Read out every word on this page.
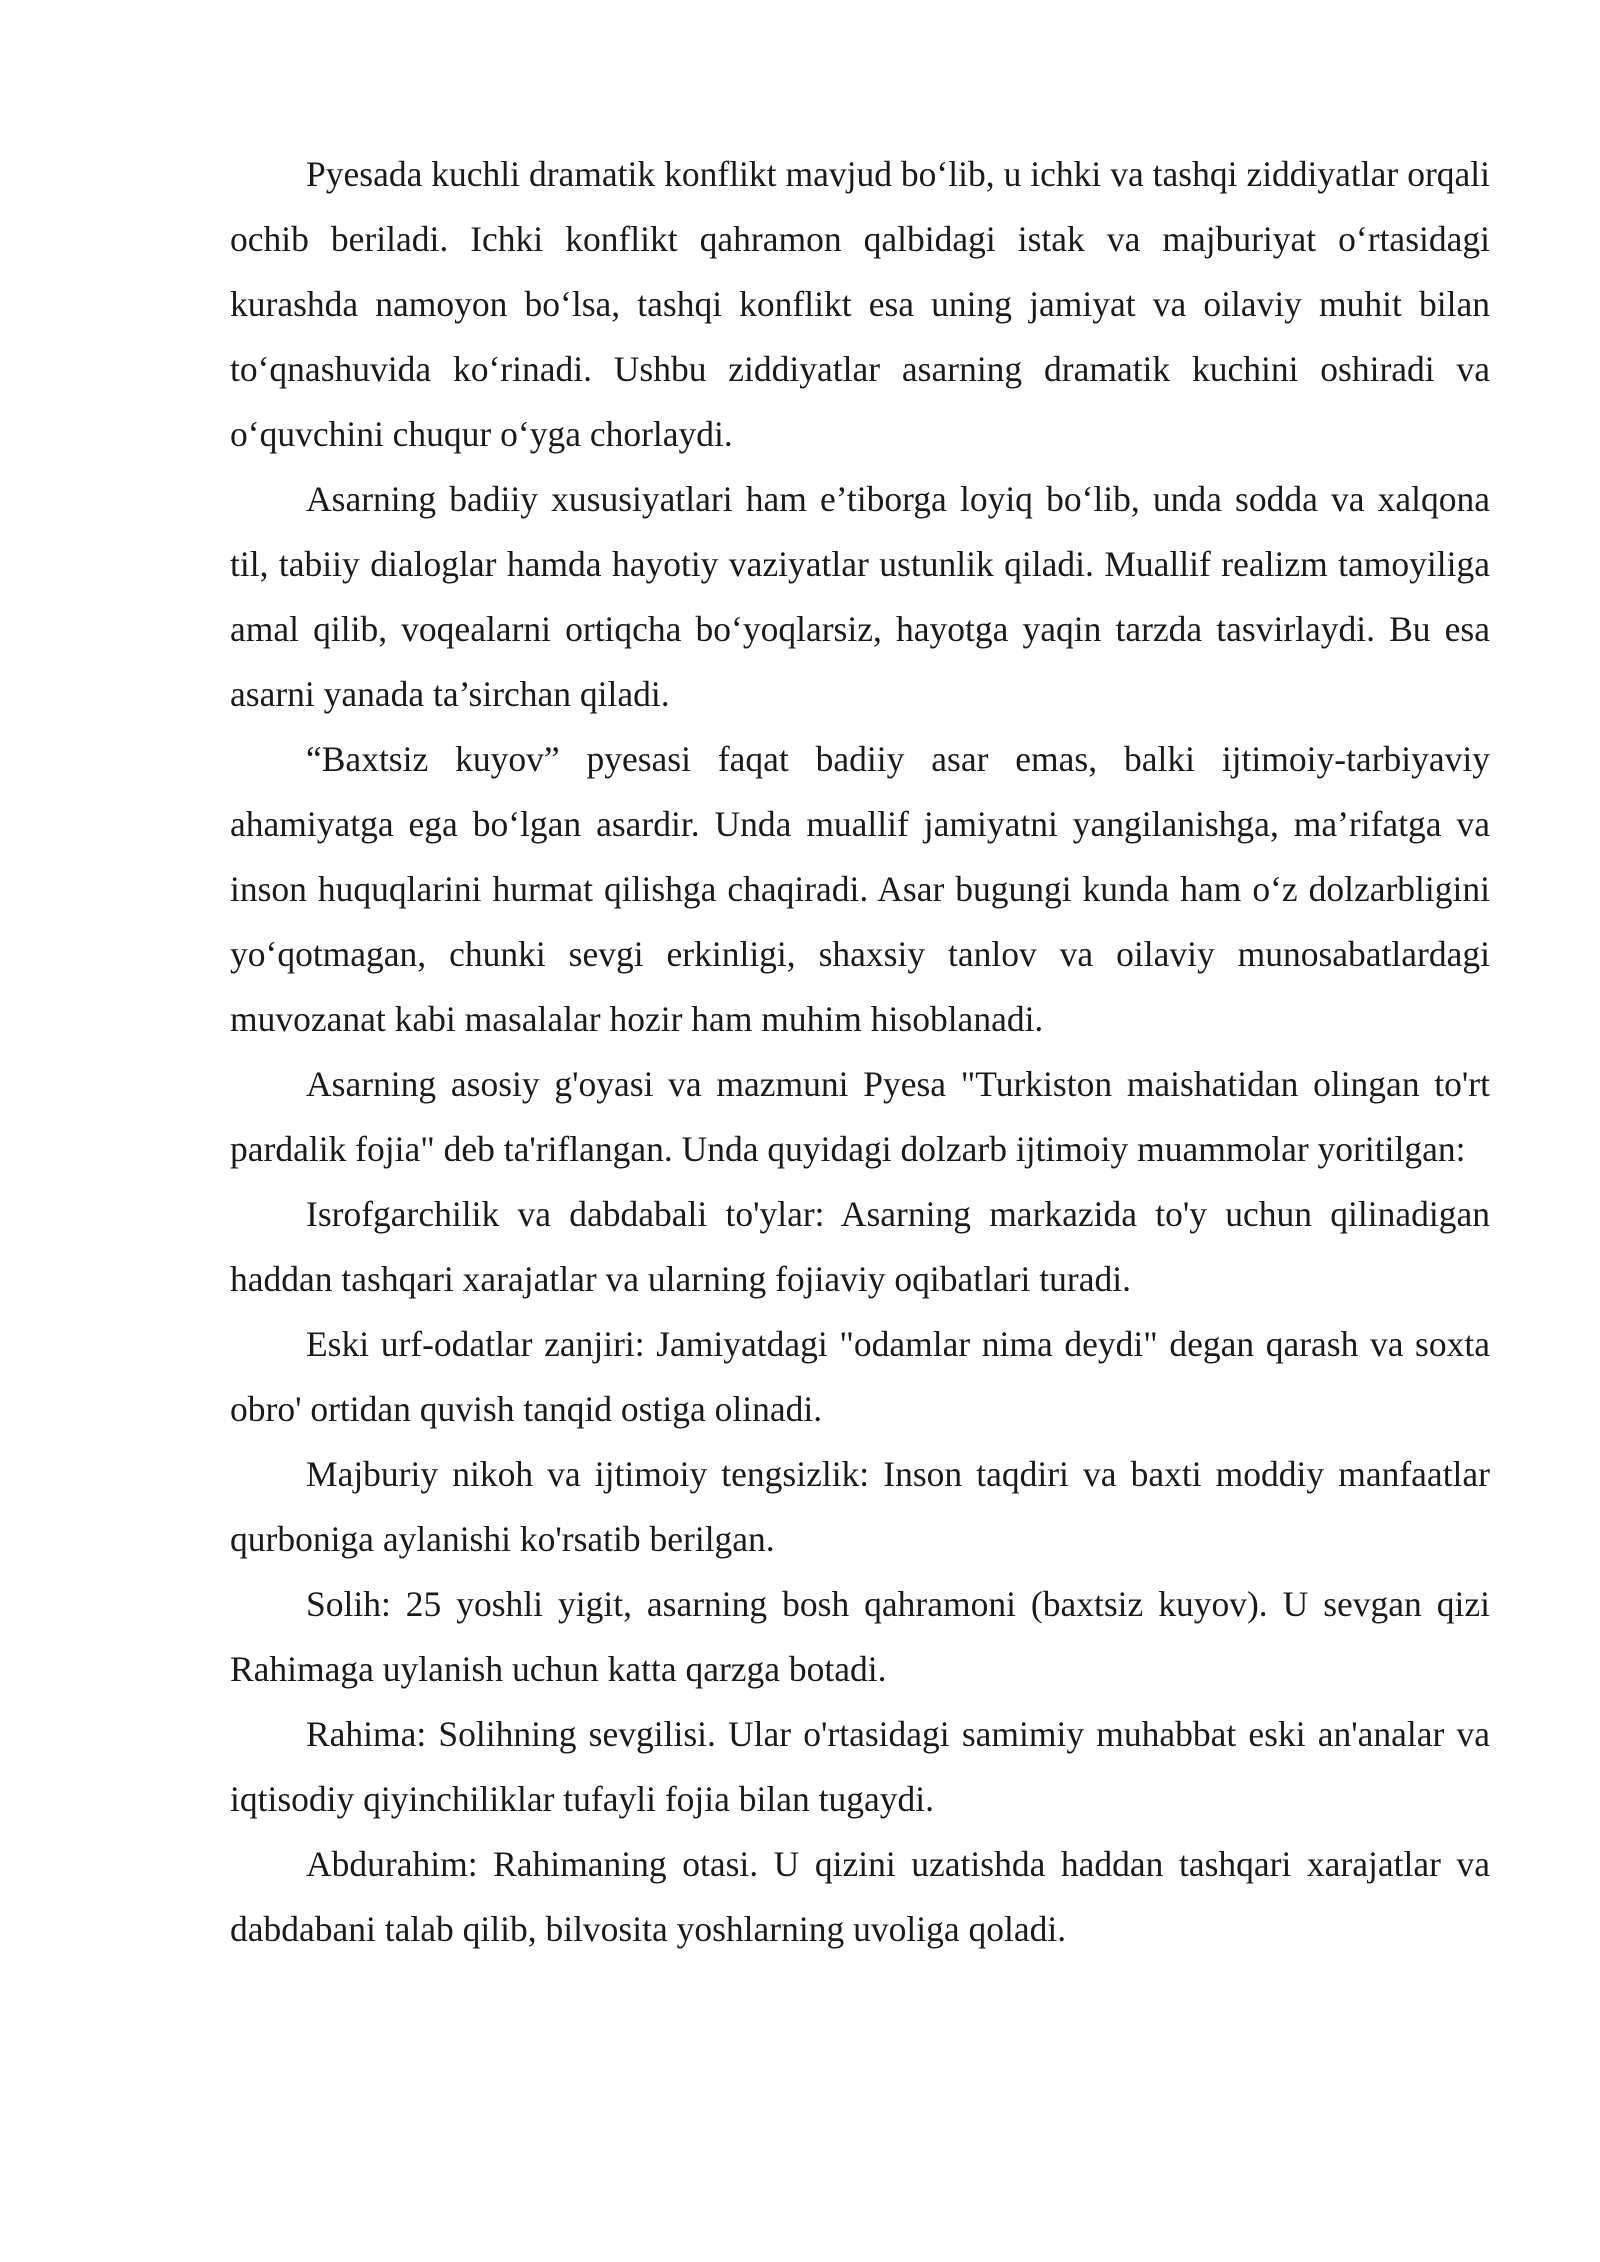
Pyesada kuchli dramatik konflikt mavjud bo‘lib, u ichki va tashqi ziddiyatlar orqali ochib beriladi. Ichki konflikt qahramon qalbidagi istak va majburiyat o‘rtasidagi kurashda namoyon bo‘lsa, tashqi konflikt esa uning jamiyat va oilaviy muhit bilan to‘qnashuvida ko‘rinadi. Ushbu ziddiyatlar asarning dramatik kuchini oshiradi va o‘quvchini chuqur o‘yga chorlaydi.

Asarning badiiy xususiyatlari ham e’tiborga loyiq bo‘lib, unda sodda va xalqona til, tabiiy dialoglar hamda hayotiy vaziyatlar ustunlik qiladi. Muallif realizm tamoyiliga amal qilib, voqealarni ortiqcha bo‘yoqlarsiz, hayotga yaqin tarzda tasvirlaydi. Bu esa asarni yanada ta’sirchan qiladi.

“Baxtsiz kuyov” pyesasi faqat badiiy asar emas, balki ijtimoiy-tarbiyaviy ahamiyatga ega bo‘lgan asardir. Unda muallif jamiyatni yangilanishga, ma’rifatga va inson huquqlarini hurmat qilishga chaqiradi. Asar bugungi kunda ham o‘z dolzarbligini yo‘qotmagan, chunki sevgi erkinligi, shaxsiy tanlov va oilaviy munosabatlardagi muvozanat kabi masalalar hozir ham muhim hisoblanadi.

Asarning asosiy g'oyasi va mazmuni Pyesa "Turkiston maishatidan olingan to'rt pardalik fojia" deb ta'riflangan. Unda quyidagi dolzarb ijtimoiy muammolar yoritilgan:

Isrofgarchilik va dabdabali to'ylar: Asarning markazida to'y uchun qilinadigan haddan tashqari xarajatlar va ularning fojiaviy oqibatlari turadi.

Eski urf-odatlar zanjiri: Jamiyatdagi "odamlar nima deydi" degan qarash va soxta obro' ortidan quvish tanqid ostiga olinadi.

Majburiy nikoh va ijtimoiy tengsizlik: Inson taqdiri va baxti moddiy manfaatlar qurboniga aylanishi ko'rsatib berilgan.

Solih: 25 yoshli yigit, asarning bosh qahramoni (baxtsiz kuyov). U sevgan qizi Rahimaga uylanish uchun katta qarzga botadi.

Rahima: Solihning sevgilisi. Ular o'rtasidagi samimiy muhabbat eski an'analar va iqtisodiy qiyinchiliklar tufayli fojia bilan tugaydi.

Abdurahim: Rahimaning otasi. U qizini uzatishda haddan tashqari xarajatlar va dabdabani talab qilib, bilvosita yoshlarning uvoliga qoladi.
